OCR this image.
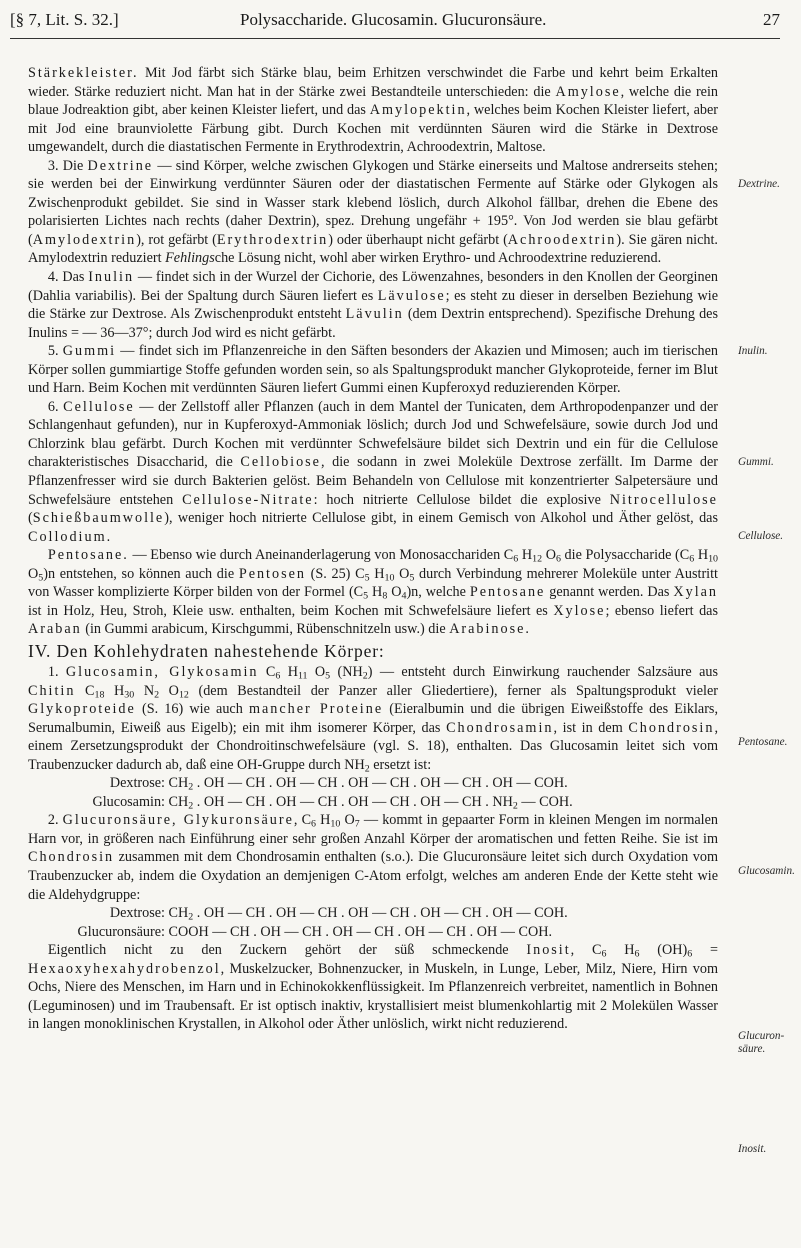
[§ 7, Lit. S. 32.]	Polysaccharide. Glucosamin. Glucuronsäure.	27
Dextrine.
Inulin.
Gummi.
Cellulose.
Pentosane.
Glucosamin.
Glucuron-
säure.
Inosit.

Stärkekleister. Mit Jod färbt sich Stärke blau, beim Erhitzen verschwindet die Farbe und kehrt beim Erkalten wieder. Stärke reduziert nicht. Man hat in der Stärke zwei Bestandteile unterschieden: die Amylose, welche die rein blaue Jodreaktion gibt, aber keinen Kleister liefert, und das Amylopektin, welches beim Kochen Kleister liefert, aber mit Jod eine braunviolette Färbung gibt. Durch Kochen mit verdünnten Säuren wird die Stärke in Dextrose umgewandelt, durch die diastatischen Fermente in Erythrodextrin, Achroodextrin, Maltose.

3. Die Dextrine — sind Körper, welche zwischen Glykogen und Stärke einerseits und Maltose andrerseits stehen; sie werden bei der Einwirkung verdünnter Säuren oder der diastatischen Fermente auf Stärke oder Glykogen als Zwischenprodukt gebildet. Sie sind in Wasser stark klebend löslich, durch Alkohol fällbar, drehen die Ebene des polarisierten Lichtes nach rechts (daher Dextrin), spez. Drehung ungefähr + 195°. Von Jod werden sie blau gefärbt (Amylodextrin), rot gefärbt (Erythrodextrin) oder überhaupt nicht gefärbt (Achroodextrin). Sie gären nicht. Amylodextrin reduziert Fehlingsche Lösung nicht, wohl aber wirken Erythro- und Achroodextrine reduzierend.

4. Das Inulin — findet sich in der Wurzel der Cichorie, des Löwenzahnes, besonders in den Knollen der Georginen (Dahlia variabilis). Bei der Spaltung durch Säuren liefert es Lävulose; es steht zu dieser in derselben Beziehung wie die Stärke zur Dextrose. Als Zwischenprodukt entsteht Lävulin (dem Dextrin entsprechend). Spezifische Drehung des Inulins = — 36—37°; durch Jod wird es nicht gefärbt.

5. Gummi — findet sich im Pflanzenreiche in den Säften besonders der Akazien und Mimosen; auch im tierischen Körper sollen gummiartige Stoffe gefunden worden sein, so als Spaltungsprodukt mancher Glykoproteide, ferner im Blut und Harn. Beim Kochen mit verdünnten Säuren liefert Gummi einen Kupferoxyd reduzierenden Körper.

6. Cellulose — der Zellstoff aller Pflanzen (auch in dem Mantel der Tunicaten, dem Arthropodenpanzer und der Schlangenhaut gefunden), nur in Kupferoxyd-Ammoniak löslich; durch Jod und Schwefelsäure, sowie durch Jod und Chlorzink blau gefärbt. Durch Kochen mit verdünnter Schwefelsäure bildet sich Dextrin und ein für die Cellulose charakteristisches Disaccharid, die Cellobiose, die sodann in zwei Moleküle Dextrose zerfällt. Im Darme der Pflanzenfresser wird sie durch Bakterien gelöst. Beim Behandeln von Cellulose mit konzentrierter Salpetersäure und Schwefelsäure entstehen Cellulose-Nitrate: hoch nitrierte Cellulose bildet die explosive Nitrocellulose (Schießbaumwolle), weniger hoch nitrierte Cellulose gibt, in einem Gemisch von Alkohol und Äther gelöst, das Collodium.

Pentosane. — Ebenso wie durch Aneinanderlagerung von Monosacchariden $C_6$ $H_{12}$ $O_6$ die Polysaccharide ($C_6$ $H_{10}$ $O_5)n$ entstehen, so können auch die Pentosen (S. 25) $C_5$ $H_{10}$ $O_5$ durch Verbindung mehrerer Moleküle unter Austritt von Wasser komplizierte Körper bilden von der Formel ($C_5$ $H_8$ $O_4)n$, welche Pentosane genannt werden. Das Xylan ist in Holz, Heu, Stroh, Kleie usw. enthalten, beim Kochen mit Schwefelsäure liefert es Xylose; ebenso liefert das Araban (in Gummi arabicum, Kirschgummi, Rübenschnitzeln usw.) die Arabinose.

IV. Den Kohlehydraten nahestehende Körper:

1. Glucosamin, Glykosamin $C_6$ $H_{11}$ $O_5$ $(NH_2)$ — entsteht durch Einwirkung rauchender Salzsäure aus Chitin $C_{18}$ $H_{30}$ $N_2$ $O_{12}$ (dem Bestandteil der Panzer aller Gliedertiere), ferner als Spaltungsprodukt vieler Glykoproteide (S. 16) wie auch mancher Proteine (Eieralbumin und die übrigen Eiweißstoffe des Eiklars, Serumalbumin, Eiweiß aus Eigelb); ein mit ihm isomerer Körper, das Chondrosamin, ist in dem Chondrosin, einem Zersetzungsprodukt der Chondroitinschwefelsäure (vgl. S. 18), enthalten. Das Glucosamin leitet sich vom Traubenzucker dadurch ab, daß eine OH-Gruppe durch $NH_2$ ersetzt ist:

Dextrose: $CH_2$ . OH — CH . OH — CH . OH — CH . OH — CH . OH — COH.

Glucosamin: $CH_2$ . OH — CH . OH — CH . OH — CH . OH — CH . $NH_2$ — COH.

2. Glucuronsäure, Glykuronsäure, $C_6$ $H_{10}$ $O_7$ — kommt in gepaarter Form in kleinen Mengen im normalen Harn vor, in größeren nach Einführung einer sehr großen Anzahl Körper der aromatischen und fetten Reihe. Sie ist im Chondrosin zusammen mit dem Chondrosamin enthalten (s.o.). Die Glucuronsäure leitet sich durch Oxydation vom Traubenzucker ab, indem die Oxydation an demjenigen C-Atom erfolgt, welches am anderen Ende der Kette steht wie die Aldehydgruppe:

Dextrose: $CH_2$ . OH — CH . OH — CH . OH — CH . OH — CH . OH — COH.

Glucuronsäure: COOH — CH . OH — CH . OH — CH . OH — CH . OH — COH.

Eigentlich nicht zu den Zuckern gehört der süß schmeckende Inosit, $C_6$ $H_6$ $(OH)_6$ = Hexaoxyhexahydrobenzol, Muskelzucker, Bohnenzucker, in Muskeln, in Lunge, Leber, Milz, Niere, Hirn vom Ochs, Niere des Menschen, im Harn und in Echinokokkenflüssigkeit. Im Pflanzenreich verbreitet, namentlich in Bohnen (Leguminosen) und im Traubensaft. Er ist optisch inaktiv, krystallisiert meist blumenkohlartig mit 2 Molekülen Wasser in langen monoklinischen Krystallen, in Alkohol oder Äther unlöslich, wirkt nicht reduzierend.
